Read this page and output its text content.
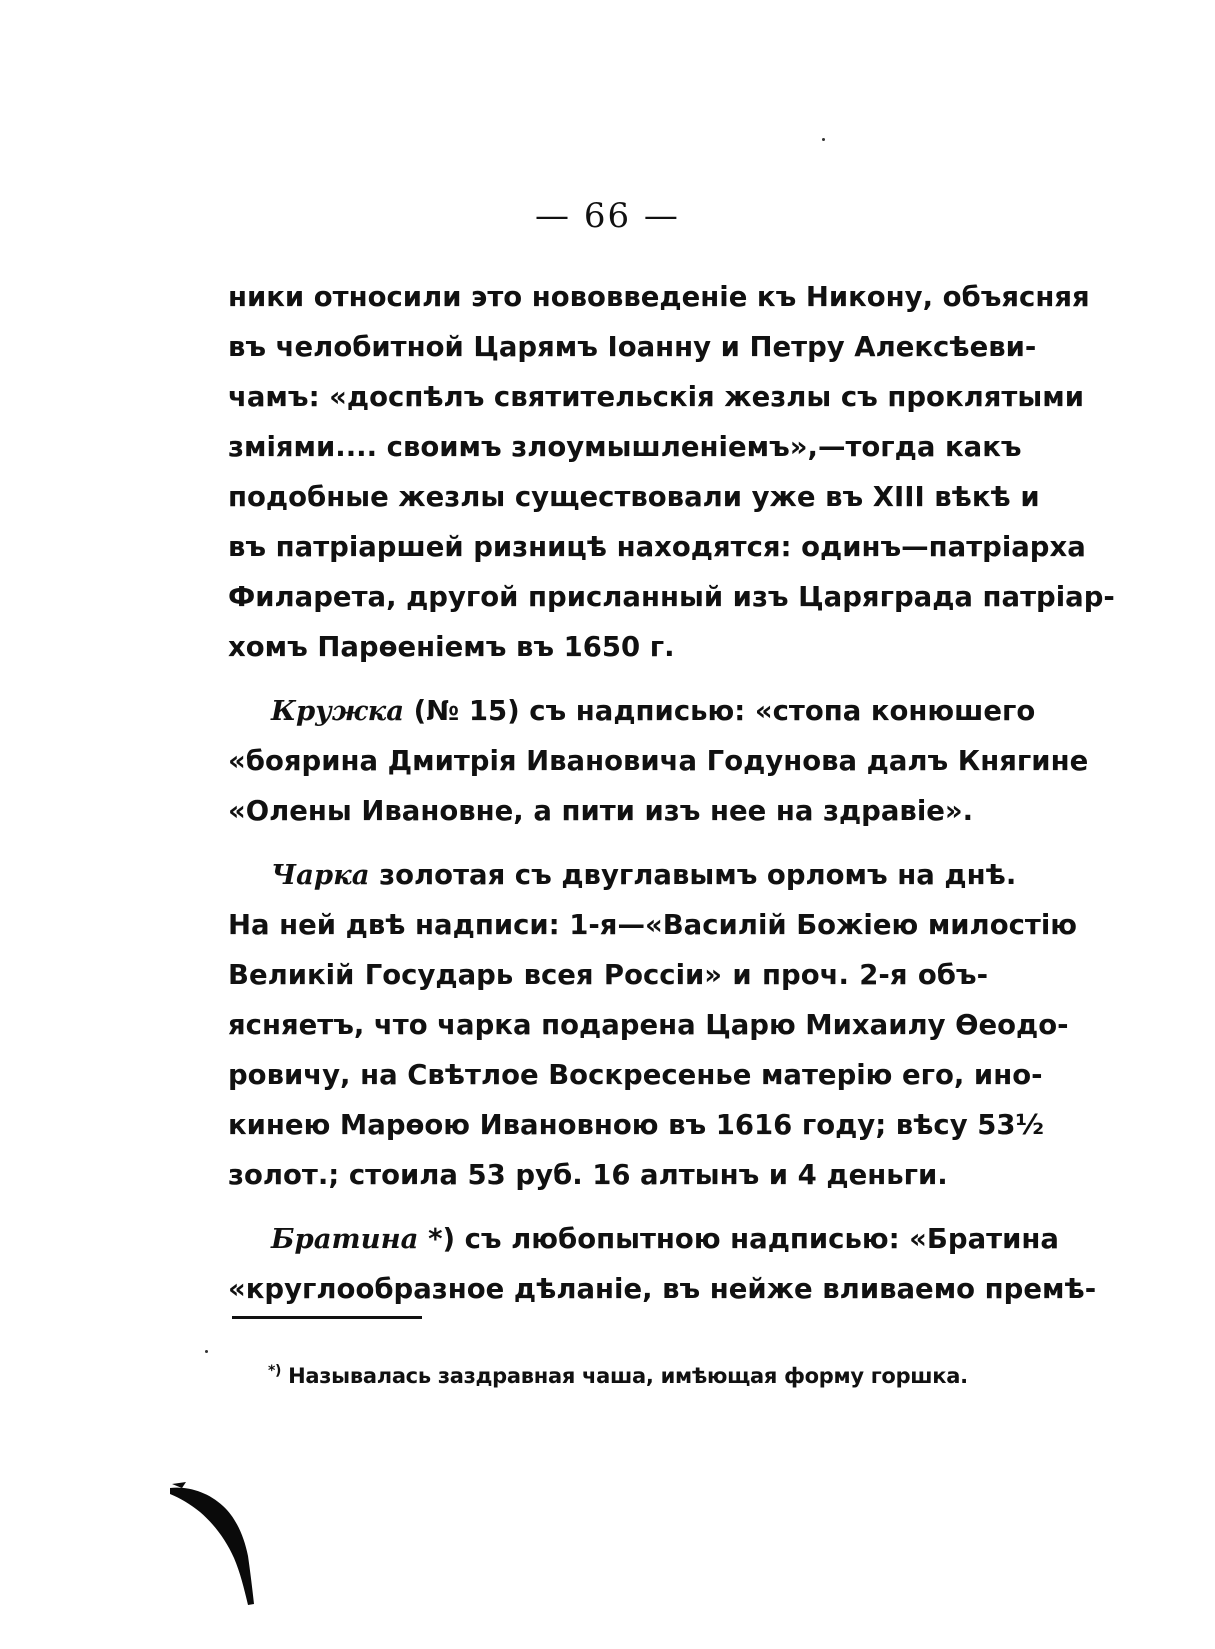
— 66 —
ники относили это нововведеніе къ Никону, объясняя
въ челобитной Царямъ Іоанну и Петру Алексѣеви-
чамъ: «доспѣлъ святительскія жезлы съ проклятыми
зміями.... своимъ злоумышленіемъ»,—тогда какъ
подобные жезлы существовали уже въ XIII вѣкѣ и
въ патріаршей ризницѣ находятся: одинъ—патріарха
Филарета, другой присланный изъ Царяграда патріар-
хомъ Парѳеніемъ въ 1650 г.
Кружка (№ 15) съ надписью: «стопа конюшего
«боярина Дмитрія Ивановича Годунова далъ Княгине
«Олены Ивановне, а пити изъ нее на здравіе».
Чарка золотая съ двуглавымъ орломъ на днѣ.
На ней двѣ надписи: 1-я—«Василій Божіею милостію
Великій Государь всея Россіи» и проч. 2-я объ-
ясняетъ, что чарка подарена Царю Михаилу Ѳеодо-
ровичу, на Свѣтлое Воскресенье матерію его, ино-
кинею Марѳою Ивановною въ 1616 году; вѣсу 53½
золот.; стоила 53 руб. 16 алтынъ и 4 деньги.
Братина *) съ любопытною надписью: «Братина
«круглообразное дѣланіе, въ нейже вливаемо премѣ-
*) Называлась заздравная чаша, имѣющая форму горшка.
